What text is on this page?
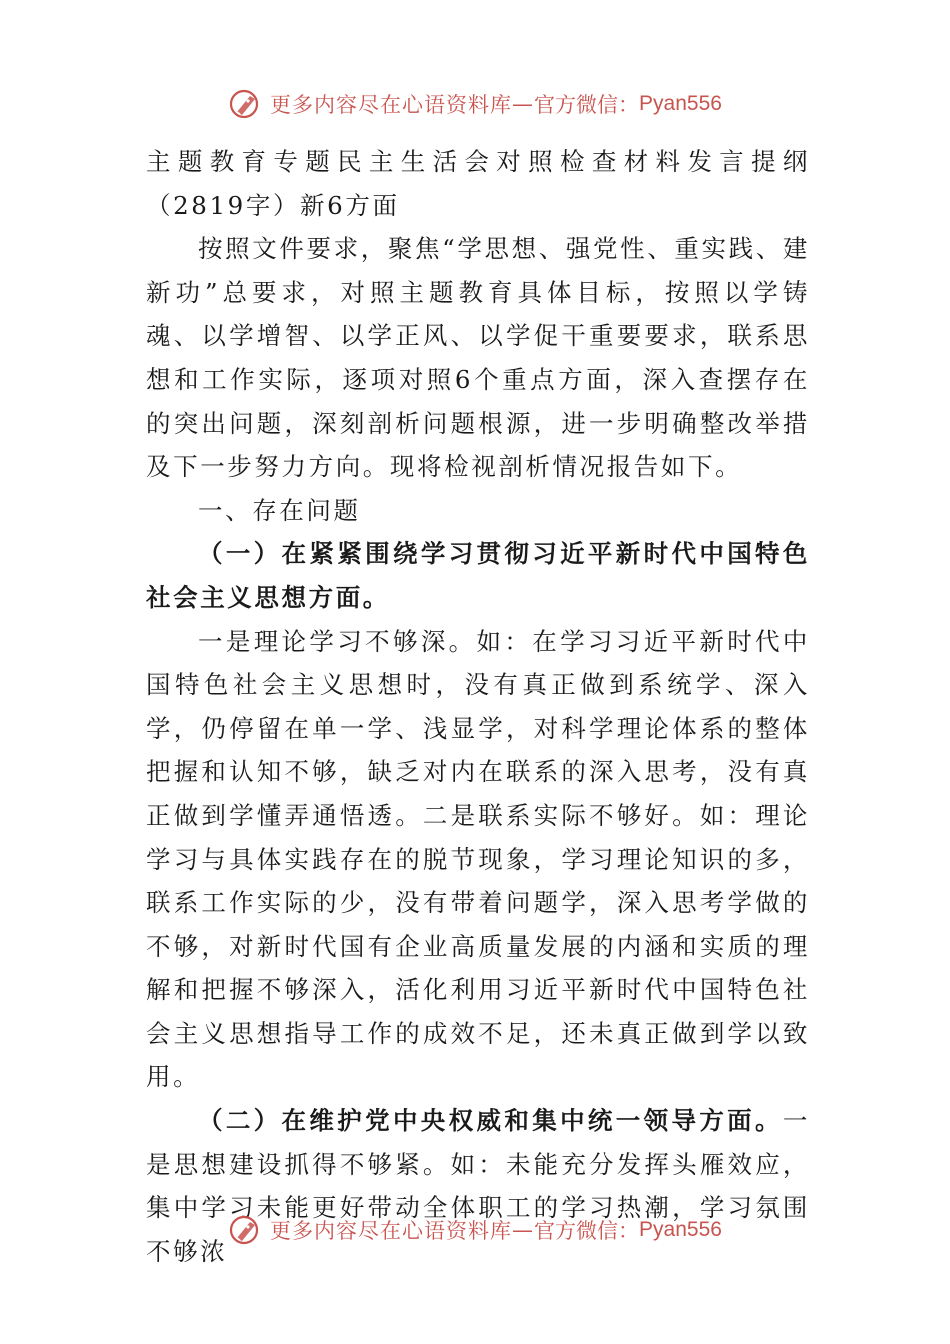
更多内容尽在心语资料库 — 官方微信： Pyan556

主题教育专题民主生活会对照检查材料发言提纲（2819字）新6方面

按照文件要求，聚焦“学思想、强党性、重实践、建新功”总要求，对照主题教育具体目标，按照以学铸魂、以学增智、以学正风、以学促干重要要求，联系思想和工作实际，逐项对照6个重点方面，深入查摆存在的突出问题，深刻剖析问题根源，进一步明确整改举措及下一步努力方向。现将检视剖析情况报告如下。

一、存在问题

（一）在紧紧围绕学习贯彻习近平新时代中国特色社会主义思想方面。

一是理论学习不够深。如：在学习习近平新时代中国特色社会主义思想时，没有真正做到系统学、深入学，仍停留在单一学、浅显学，对科学理论体系的整体把握和认知不够，缺乏对内在联系的深入思考，没有真正做到学懂弄通悟透。二是联系实际不够好。如：理论学习与具体实践存在的脱节现象，学习理论知识的多，联系工作实际的少，没有带着问题学，深入思考学做的不够，对新时代国有企业高质量发展的内涵和实质的理解和把握不够深入，活化利用习近平新时代中国特色社会主义思想指导工作的成效不足，还未真正做到学以致用。

（二）在维护党中央权威和集中统一领导方面。一是思想建设抓得不够紧。如：未能充分发挥头雁效应，集中学习未能更好带动全体职工的学习热潮，学习氛围不够浓

更多内容尽在心语资料库 — 官方微信： Pyan556
